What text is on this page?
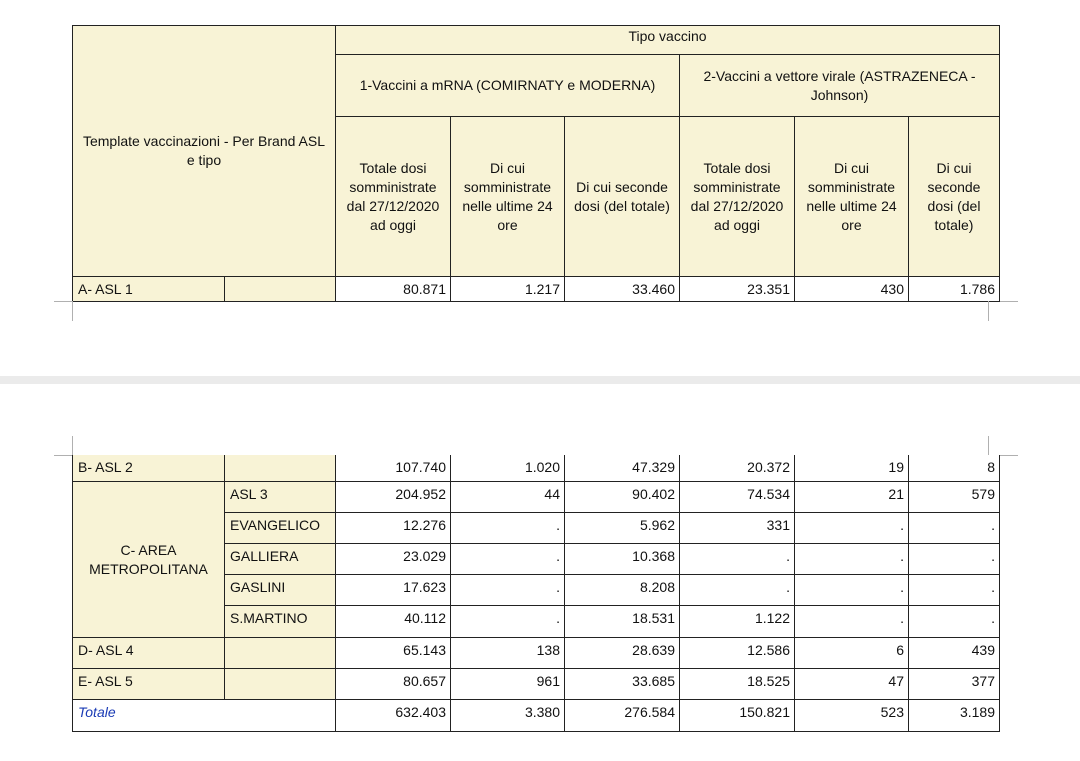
Template vaccinazioni - Per Brand ASL e tipo
Tipo vaccino
1-Vaccini a mRNA (COMIRNATY e MODERNA)
2-Vaccini a vettore virale (ASTRAZENECA - Johnson)
Totale dosi somministrate dal 27/12/2020 ad oggi
Di cui somministrate nelle ultime 24 ore
Di cui seconde dosi (del totale)
Totale dosi somministrate dal 27/12/2020 ad oggi
Di cui somministrate nelle ultime 24 ore
Di cui seconde dosi (del totale)
A- ASL 1	80.871	1.217	33.460	23.351	430	1.786
B- ASL 2	107.740	1.020	47.329	20.372	19	8
C- AREA METROPOLITANA
ASL 3	204.952	44	90.402	74.534	21	579
EVANGELICO	12.276	.	5.962	331	.	.
GALLIERA	23.029	.	10.368	.	.	.
GASLINI	17.623	.	8.208	.	.	.
S.MARTINO	40.112	.	18.531	1.122	.	.
D- ASL 4	65.143	138	28.639	12.586	6	439
E- ASL 5	80.657	961	33.685	18.525	47	377
Totale	632.403	3.380	276.584	150.821	523	3.189
